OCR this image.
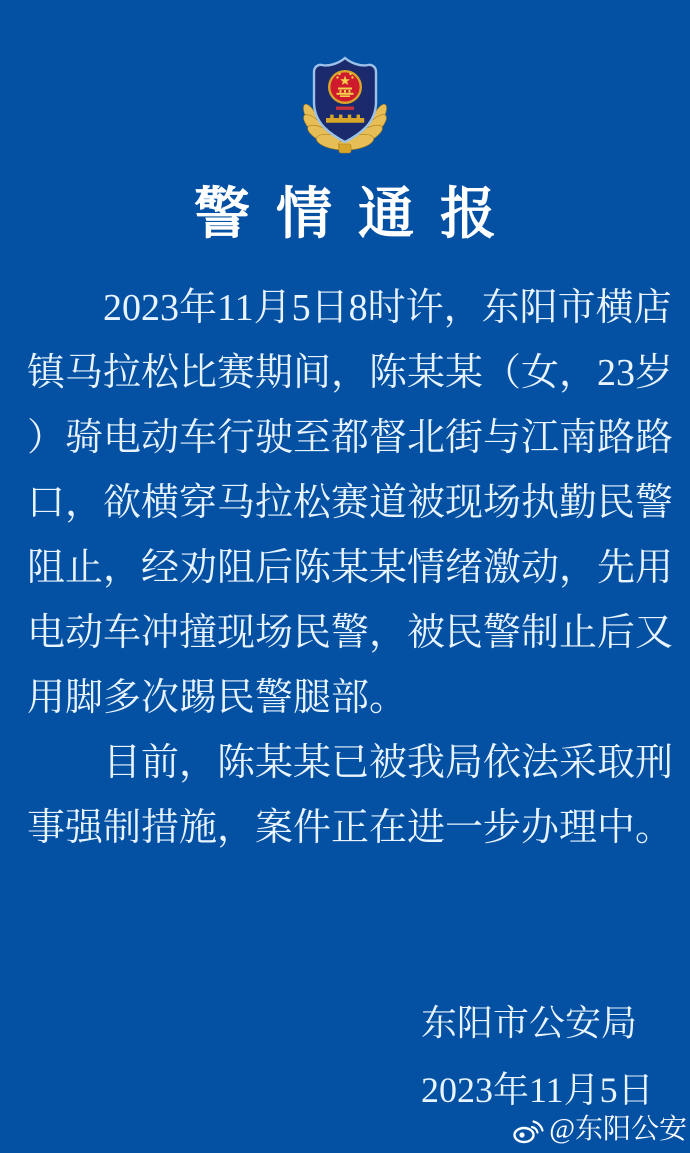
警情通报

2023年11月5日8时许，东阳市横店

镇马拉松比赛期间，陈某某（女，23岁

）骑电动车行驶至都督北街与江南路路

口，欲横穿马拉松赛道被现场执勤民警

阻止，经劝阻后陈某某情绪激动，先用

电动车冲撞现场民警，被民警制止后又

用脚多次踢民警腿部。

目前，陈某某已被我局依法采取刑

事强制措施，案件正在进一步办理中。

东阳市公安局

2023年11月5日

@东阳公安
